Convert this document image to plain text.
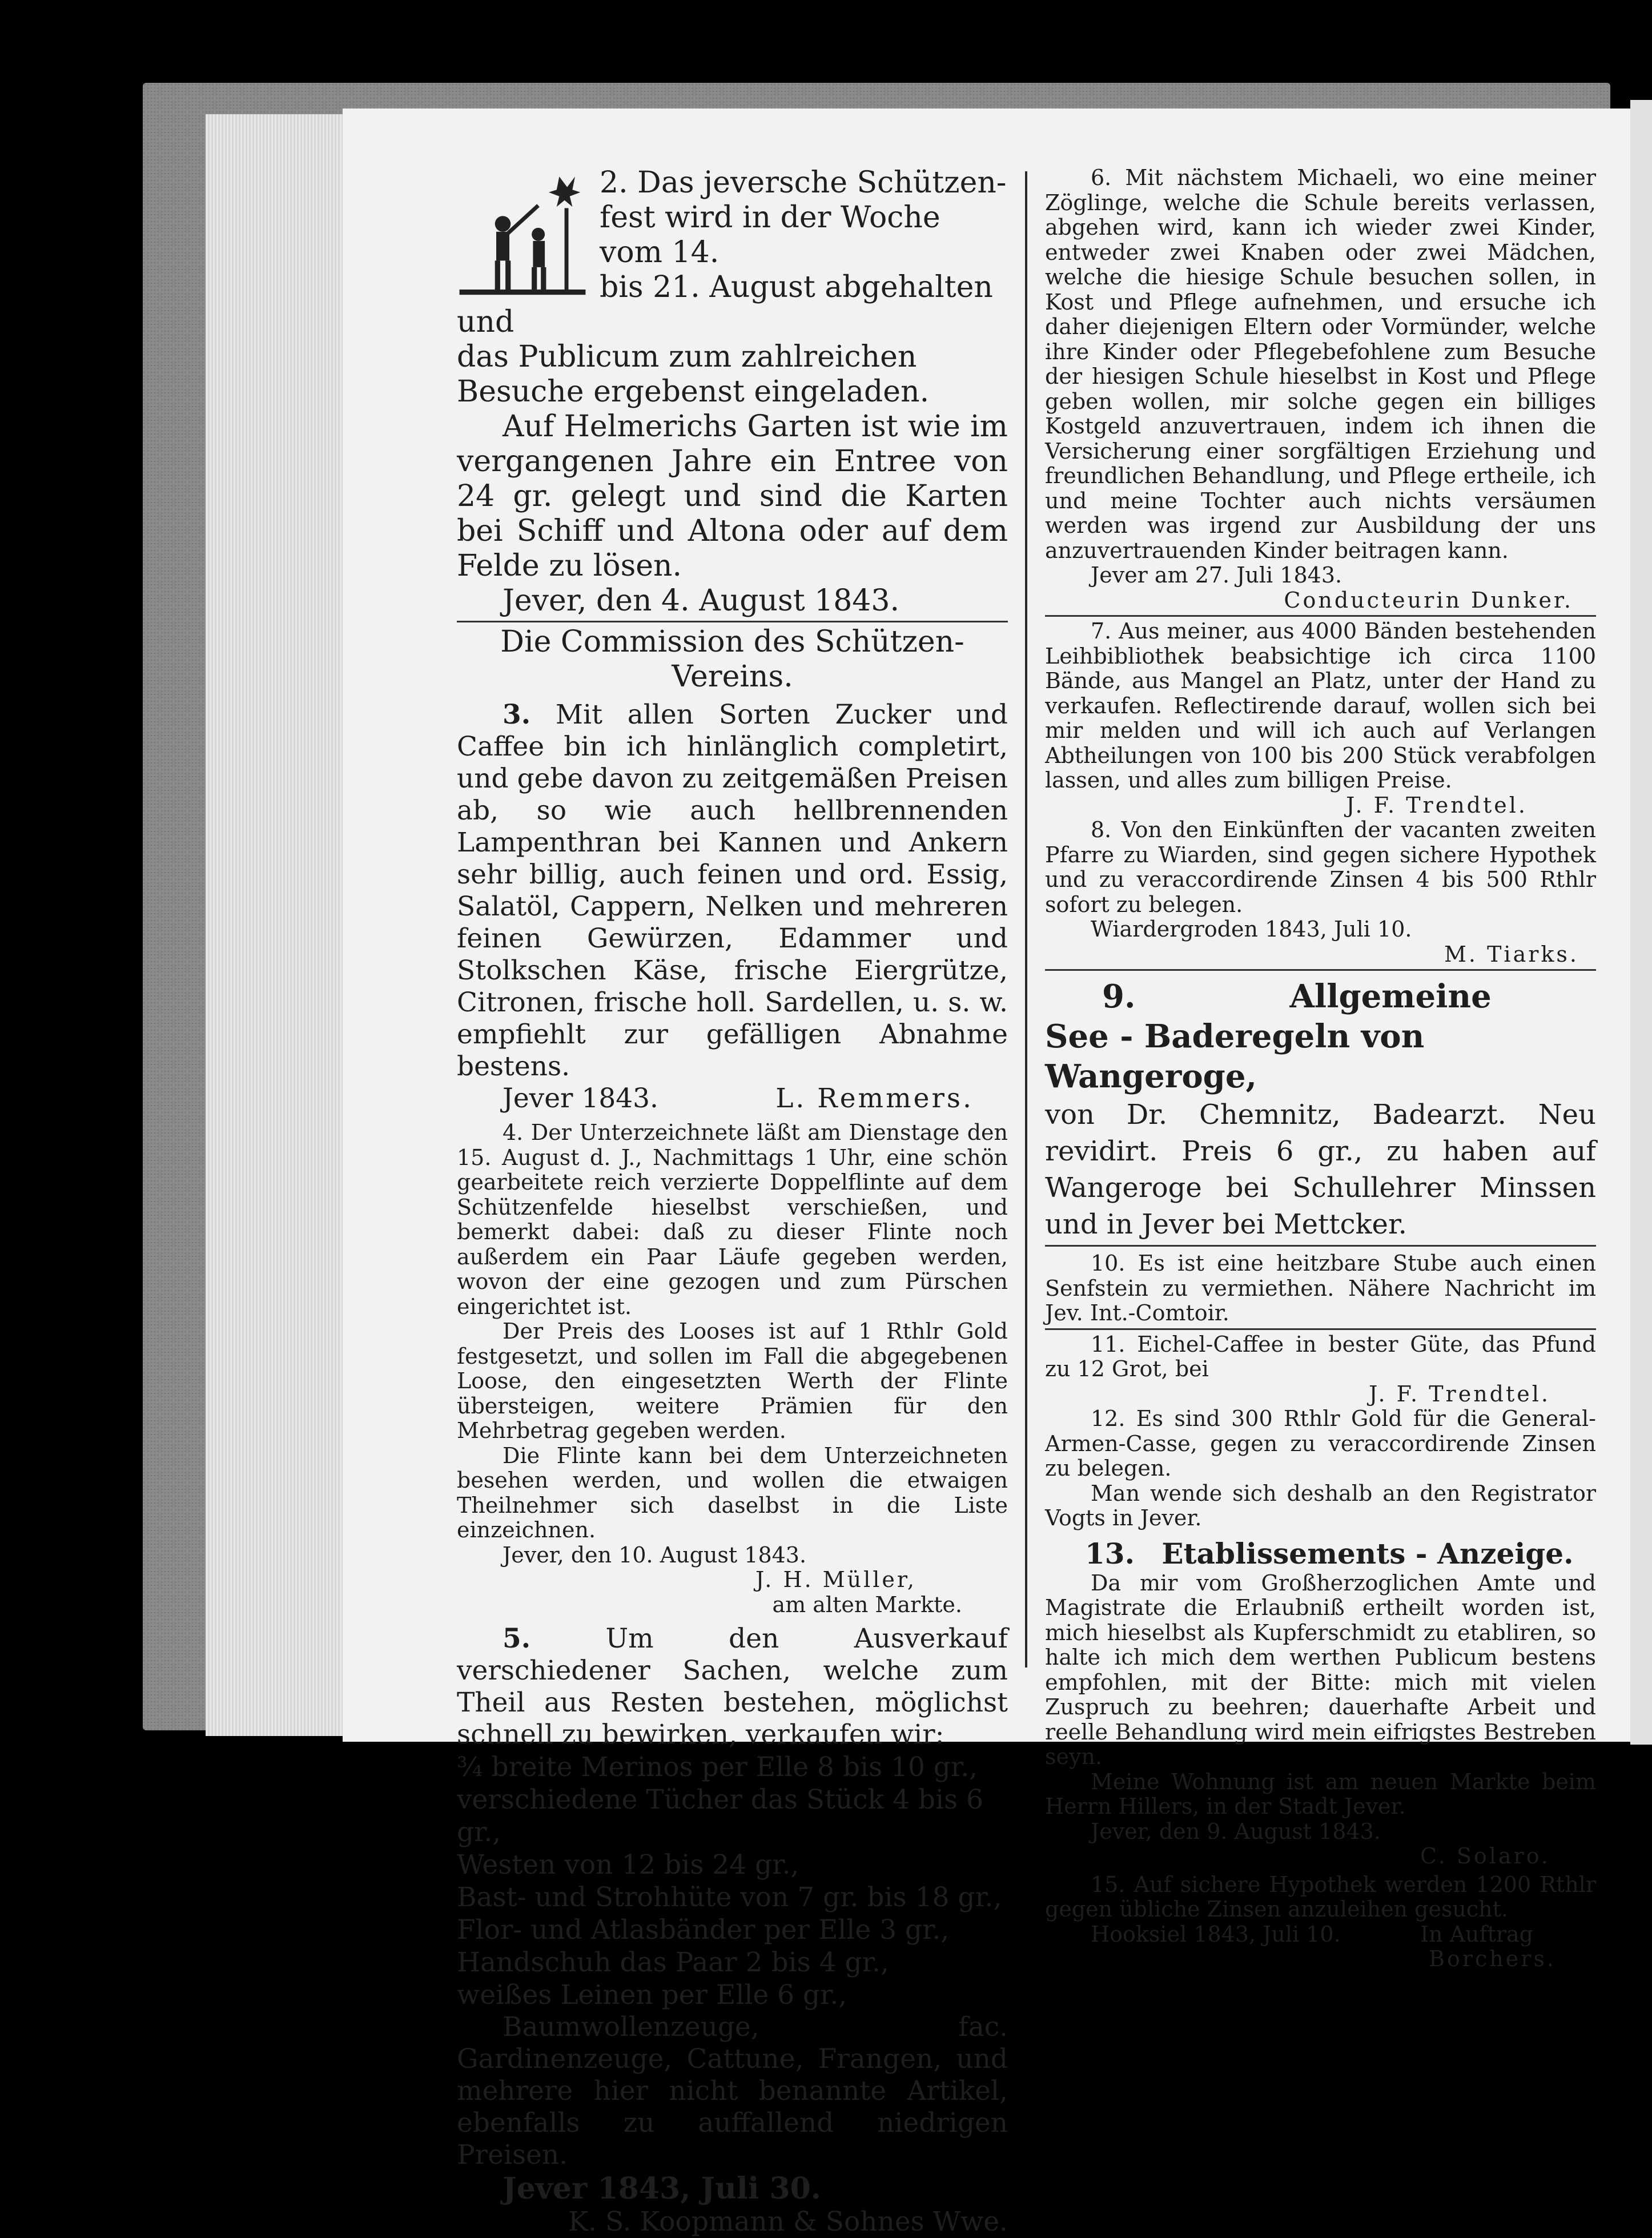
2. Das jeversche Schützen-

fest wird in der Woche vom 14.

bis 21. August abgehalten und

das Publicum zum zahlreichen

Besuche ergebenst eingeladen.

Auf Helmerichs Garten ist wie im vergangenen Jahre ein Entree von 24 gr. gelegt und sind die Karten bei Schiff und Altona oder auf dem Felde zu lösen.

Jever, den 4. August 1843.

Die Commission des Schützen-Vereins.

3. Mit allen Sorten Zucker und Caffee bin ich hinlänglich completirt, und gebe davon zu zeitgemäßen Preisen ab, so wie auch hellbrennenden Lampenthran bei Kannen und Ankern sehr billig, auch feinen und ord. Essig, Salatöl, Cappern, Nelken und mehreren feinen Gewürzen, Edammer und Stolkschen Käse, frische Eiergrütze, Citronen, frische holl. Sardellen, u. s. w. empfiehlt zur gefälligen Abnahme bestens.

Jever 1843.	L. Remmers.

4. Der Unterzeichnete läßt am Dienstage den 15. August d. J., Nachmittags 1 Uhr, eine schön gearbeitete reich verzierte Doppelflinte auf dem Schützenfelde hieselbst verschießen, und bemerkt dabei: daß zu dieser Flinte noch außerdem ein Paar Läufe gegeben werden, wovon der eine gezogen und zum Pürschen eingerichtet ist.

Der Preis des Looses ist auf 1 Rthlr Gold festgesetzt, und sollen im Fall die abgegebenen Loose, den eingesetzten Werth der Flinte übersteigen, weitere Prämien für den Mehrbetrag gegeben werden.

Die Flinte kann bei dem Unterzeichneten besehen werden, und wollen die etwaigen Theilnehmer sich daselbst in die Liste einzeichnen.

Jever, den 10. August 1843.

J. H. Müller,

am alten Markte.

5.	Um den Ausverkauf verschiedener Sachen, welche zum Theil aus Resten bestehen, möglichst schnell zu bewirken, verkaufen wir:

¾ breite Merinos per Elle 8 bis 10 gr.,

verschiedene Tücher das Stück 4 bis 6 gr.,

Westen von 12 bis 24 gr.,

Bast- und Strohhüte von 7 gr. bis 18 gr.,

Flor- und Atlasbänder per Elle 3 gr.,

Handschuh das Paar 2 bis 4 gr.,

weißes Leinen per Elle 6 gr.,

Baumwollenzeuge, fac. Gardinenzeuge, Cattune, Frangen, und mehrere hier nicht benannte Artikel, ebenfalls zu auffallend niedrigen Preisen.

Jever 1843, Juli 30.

K. S. Koopmann & Sohnes Wwe.

6. Mit nächstem Michaeli, wo eine meiner Zöglinge, welche die Schule bereits verlassen, abgehen wird, kann ich wieder zwei Kinder, entweder zwei Knaben oder zwei Mädchen, welche die hiesige Schule besuchen sollen, in Kost und Pflege aufnehmen, und ersuche ich daher diejenigen Eltern oder Vormünder, welche ihre Kinder oder Pflegebefohlene zum Besuche der hiesigen Schule hieselbst in Kost und Pflege geben wollen, mir solche gegen ein billiges Kostgeld anzuvertrauen, indem ich ihnen die Versicherung einer sorgfältigen Erziehung und freundlichen Behandlung, und Pflege ertheile, ich und meine Tochter auch nichts versäumen werden was irgend zur Ausbildung der uns anzuvertrauenden Kinder beitragen kann.

Jever am 27. Juli 1843.

Conducteurin Dunker.

7. Aus meiner, aus 4000 Bänden bestehenden Leihbibliothek beabsichtige ich circa 1100 Bände, aus Mangel an Platz, unter der Hand zu verkaufen. Reflectirende darauf, wollen sich bei mir melden und will ich auch auf Verlangen Abtheilungen von 100 bis 200 Stück verabfolgen lassen, und alles zum billigen Preise.

J. F. Trendtel.

8. Von den Einkünften der vacanten zweiten Pfarre zu Wiarden, sind gegen sichere Hypothek und zu veraccordirende Zinsen 4 bis 500 Rthlr sofort zu belegen.

Wiardergroden 1843, Juli 10.

M. Tiarks.

9.	Allgemeine

See - Baderegeln von Wangeroge,

von Dr. Chemnitz, Badearzt. Neu revidirt. Preis 6 gr., zu haben auf Wangeroge bei Schullehrer Minssen und in Jever bei Mettcker.

10. Es ist eine heitzbare Stube auch einen Senfstein zu vermiethen. Nähere Nachricht im Jev. Int.-Comtoir.

11. Eichel-Caffee in bester Güte, das Pfund zu 12 Grot, bei

J. F. Trendtel.

12. Es sind 300 Rthlr Gold für die General-Armen-Casse, gegen zu veraccordirende Zinsen zu belegen.

Man wende sich deshalb an den Registrator Vogts in Jever.

13. Etablissements - Anzeige.

Da mir vom Großherzoglichen Amte und Magistrate die Erlaubniß ertheilt worden ist, mich hieselbst als Kupferschmidt zu etabliren, so halte ich mich dem werthen Publicum bestens empfohlen, mit der Bitte: mich mit vielen Zuspruch zu beehren; dauerhafte Arbeit und reelle Behandlung wird mein eifrigstes Bestreben seyn.

Meine Wohnung ist am neuen Markte beim Herrn Hillers, in der Stadt Jever.

Jever, den 9. August 1843.

C. Solaro.

15. Auf sichere Hypothek werden 1200 Rthlr gegen übliche Zinsen anzuleihen gesucht.

Hooksiel 1843, Juli 10.	In Auftrag

Borchers.
